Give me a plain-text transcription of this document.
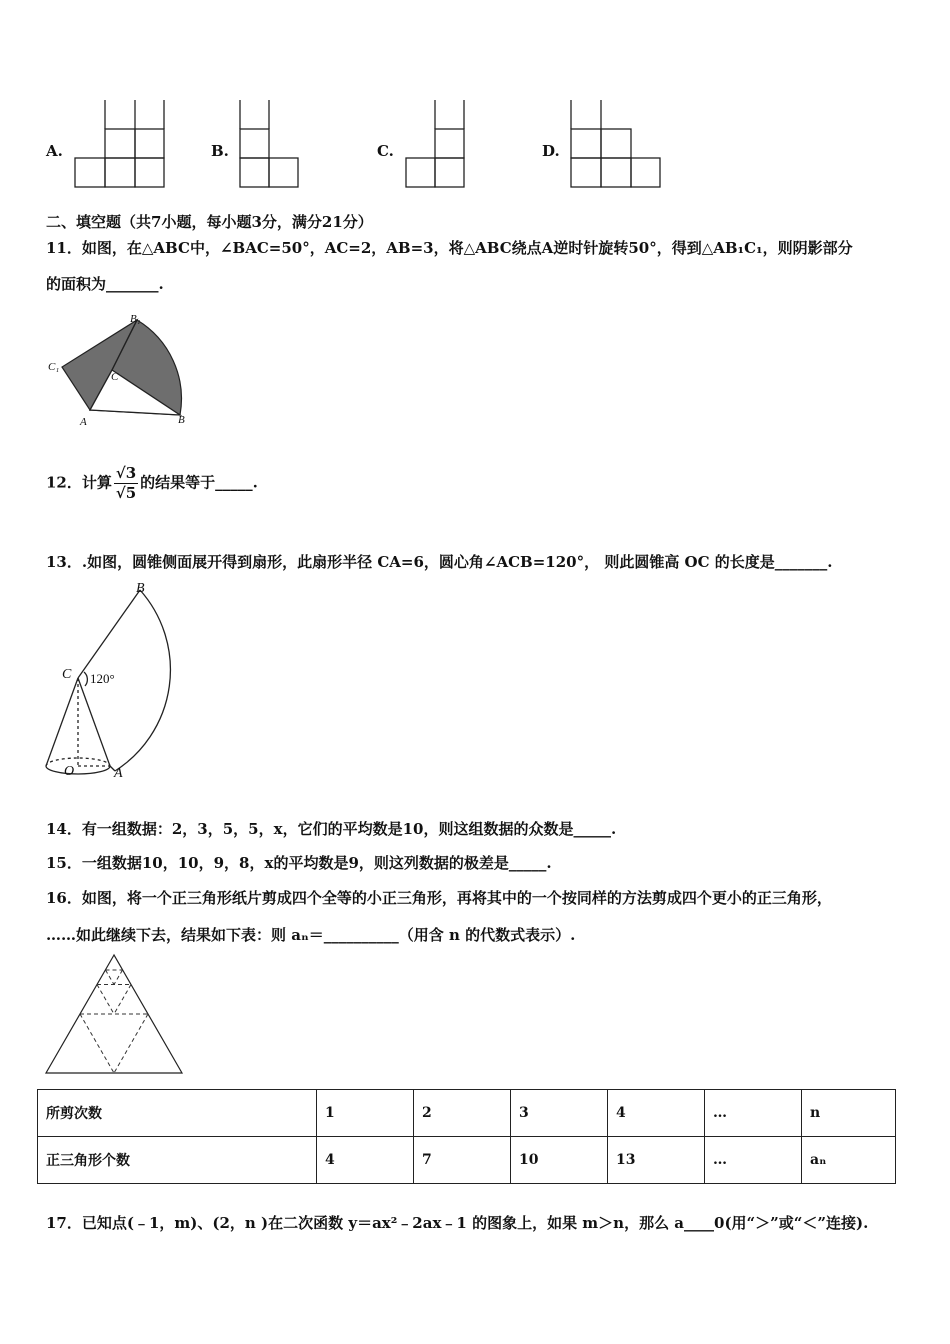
A.	B.	C.	D.
二、填空题（共7小题，每小题3分，满分21分）
11．如图，在△ABC中，∠BAC=50°，AC=2，AB=3，将△ABC绕点A逆时针旋转50°，得到△AB₁C₁，则阴影部分
的面积为_______.
B₁
C₁
C
A	B
12．计算 $\frac{√3}{√5}$ 的结果等于_____.
13．.如图，圆锥侧面展开得到扇形，此扇形半径 CA=6，圆心角∠ACB=120°， 则此圆锥高 OC 的长度是_______.
B
C
O	A
120°
14．有一组数据：2，3，5，5，x，它们的平均数是10，则这组数据的众数是_____.
15．一组数据10，10，9，8，x的平均数是9，则这列数据的极差是_____.
16．如图，将一个正三角形纸片剪成四个全等的小正三角形，再将其中的一个按同样的方法剪成四个更小的正三角形，
……如此继续下去，结果如下表：则 aₙ＝__________（用含 n 的代数式表示）.
所剪次数	1	2	3	4	…	n
正三角形个数	4	7	10	13	…	aₙ
17．已知点(﹣1，m)、(2，n )在二次函数 y＝ax²﹣2ax﹣1 的图象上，如果 m＞n，那么 a____0(用“＞”或“＜”连接).
